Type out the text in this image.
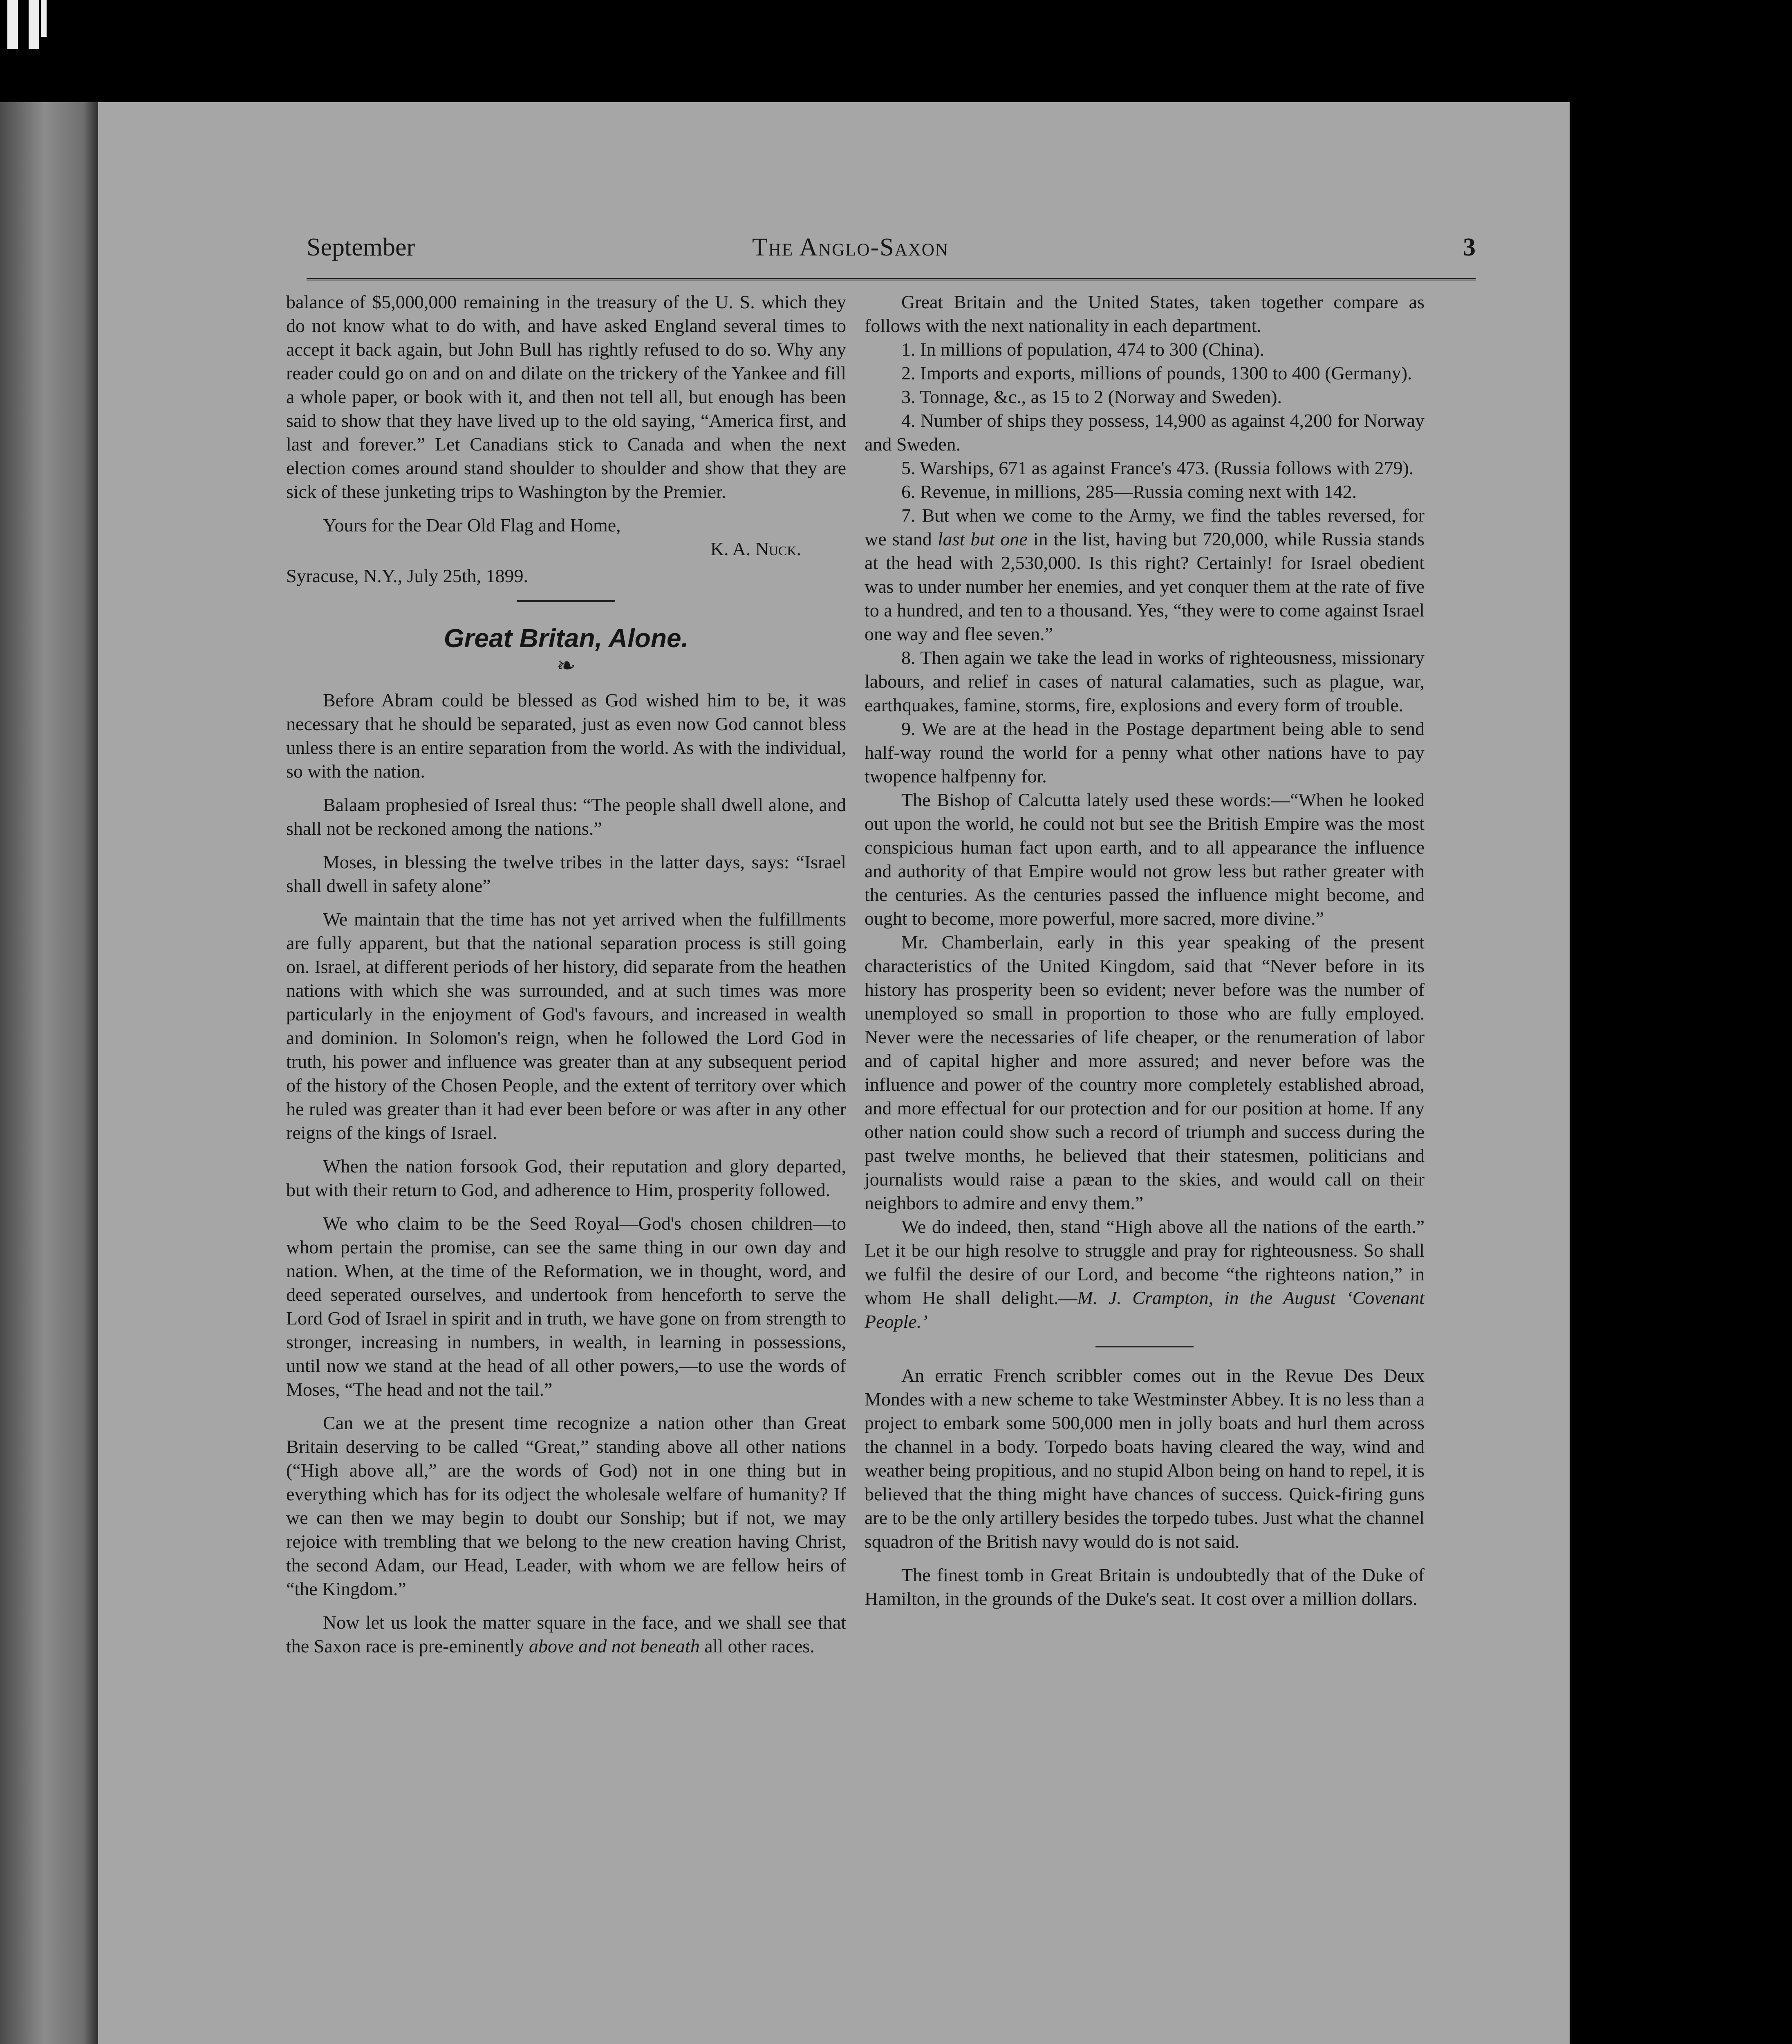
September	The Anglo-Saxon	3

balance of $5,000,000 remaining in the treasury of the U. S. which they do not know what to do with, and have asked England several times to accept it back again, but John Bull has rightly refused to do so. Why any reader could go on and on and dilate on the trickery of the Yankee and fill a whole paper, or book with it, and then not tell all, but enough has been said to show that they have lived up to the old saying, “America first, and last and forever.” Let Canadians stick to Canada and when the next election comes around stand shoulder to shoulder and show that they are sick of these junketing trips to Washington by the Premier.

Yours for the Dear Old Flag and Home,

K. A. Nuck.

Syracuse, N.Y., July 25th, 1899.

Great Britan, Alone.
❧

Before Abram could be blessed as God wished him to be, it was necessary that he should be separated, just as even now God cannot bless unless there is an entire separation from the world. As with the individual, so with the nation.

Balaam prophesied of Isreal thus: “The people shall dwell alone, and shall not be reckoned among the nations.”

Moses, in blessing the twelve tribes in the latter days, says: “Israel shall dwell in safety alone”

We maintain that the time has not yet arrived when the fulfillments are fully apparent, but that the national separation process is still going on. Israel, at different periods of her history, did separate from the heathen nations with which she was surrounded, and at such times was more particularly in the enjoyment of God's favours, and increased in wealth and dominion. In Solomon's reign, when he followed the Lord God in truth, his power and influence was greater than at any subsequent period of the history of the Chosen People, and the extent of territory over which he ruled was greater than it had ever been before or was after in any other reigns of the kings of Israel.

When the nation forsook God, their reputation and glory departed, but with their return to God, and adherence to Him, prosperity followed.

We who claim to be the Seed Royal—God's chosen children—to whom pertain the promise, can see the same thing in our own day and nation. When, at the time of the Reformation, we in thought, word, and deed seperated ourselves, and undertook from henceforth to serve the Lord God of Israel in spirit and in truth, we have gone on from strength to stronger, increasing in numbers, in wealth, in learning in possessions, until now we stand at the head of all other powers,—to use the words of Moses, “The head and not the tail.”

Can we at the present time recognize a nation other than Great Britain deserving to be called “Great,” standing above all other nations (“High above all,” are the words of God) not in one thing but in everything which has for its odject the wholesale welfare of humanity? If we can then we may begin to doubt our Sonship; but if not, we may rejoice with trembling that we belong to the new creation having Christ, the second Adam, our Head, Leader, with whom we are fellow heirs of “the Kingdom.”

Now let us look the matter square in the face, and we shall see that the Saxon race is pre-eminently above and not beneath all other races.

Great Britain and the United States, taken together compare as follows with the next nationality in each department.

1. In millions of population, 474 to 300 (China).

2. Imports and exports, millions of pounds, 1300 to 400 (Germany).

3. Tonnage, &c., as 15 to 2 (Norway and Sweden).

4. Number of ships they possess, 14,900 as against 4,200 for Norway and Sweden.

5. Warships, 671 as against France's 473. (Russia follows with 279).

6. Revenue, in millions, 285—Russia coming next with 142.

7. But when we come to the Army, we find the tables reversed, for we stand last but one in the list, having but 720,000, while Russia stands at the head with 2,530,000. Is this right? Certainly! for Israel obedient was to under number her enemies, and yet conquer them at the rate of five to a hundred, and ten to a thousand. Yes, “they were to come against Israel one way and flee seven.”

8. Then again we take the lead in works of righteousness, missionary labours, and relief in cases of natural calamaties, such as plague, war, earthquakes, famine, storms, fire, explosions and every form of trouble.

9. We are at the head in the Postage department being able to send half-way round the world for a penny what other nations have to pay twopence halfpenny for.

The Bishop of Calcutta lately used these words:—“When he looked out upon the world, he could not but see the British Empire was the most conspicious human fact upon earth, and to all appearance the influence and authority of that Empire would not grow less but rather greater with the centuries. As the centuries passed the influence might become, and ought to become, more powerful, more sacred, more divine.”

Mr. Chamberlain, early in this year speaking of the present characteristics of the United Kingdom, said that “Never before in its history has prosperity been so evident; never before was the number of unemployed so small in proportion to those who are fully employed. Never were the necessaries of life cheaper, or the renumeration of labor and of capital higher and more assured; and never before was the influence and power of the country more completely established abroad, and more effectual for our protection and for our position at home. If any other nation could show such a record of triumph and success during the past twelve months, he believed that their statesmen, politicians and journalists would raise a pæan to the skies, and would call on their neighbors to admire and envy them.”

We do indeed, then, stand “High above all the nations of the earth.” Let it be our high resolve to struggle and pray for righteousness. So shall we fulfil the desire of our Lord, and become “the righteons nation,” in whom He shall delight.—M. J. Crampton, in the August ‘Covenant People.’

An erratic French scribbler comes out in the Revue Des Deux Mondes with a new scheme to take Westminster Abbey. It is no less than a project to embark some 500,000 men in jolly boats and hurl them across the channel in a body. Torpedo boats having cleared the way, wind and weather being propitious, and no stupid Albon being on hand to repel, it is believed that the thing might have chances of success. Quick-firing guns are to be the only artillery besides the torpedo tubes. Just what the channel squadron of the British navy would do is not said.

The finest tomb in Great Britain is undoubtedly that of the Duke of Hamilton, in the grounds of the Duke's seat. It cost over a million dollars.
